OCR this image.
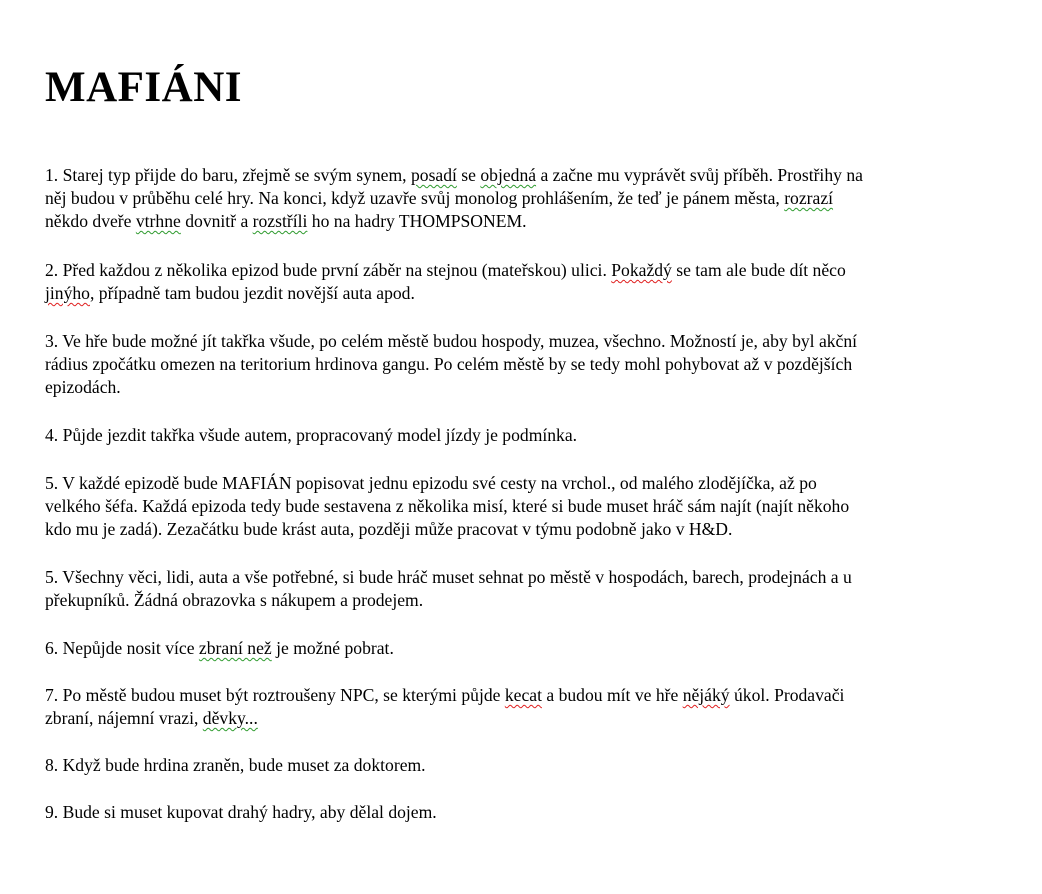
MAFIÁNI

1. Starej typ přijde do baru, zřejmě se svým synem, posadí se objedná a začne mu vyprávět svůj příběh. Prostřihy na
něj budou v průběhu celé hry. Na konci, když uzavře svůj monolog prohlášením, že teď je pánem města, rozrazí
někdo dveře vtrhne dovnitř a rozstříli ho na hadry THOMPSONEM.

2. Před každou z několika epizod bude první záběr na stejnou (mateřskou) ulici. Pokaždý se tam ale bude dít něco
jinýho, případně tam budou jezdit novější auta apod.

3. Ve hře bude možné jít takřka všude, po celém městě budou hospody, muzea, všechno. Možností je, aby byl akční
rádius zpočátku omezen na teritorium hrdinova gangu. Po celém městě by se tedy mohl pohybovat až v pozdějších
epizodách.

4. Půjde jezdit takřka všude autem, propracovaný model jízdy je podmínka.

5. V každé epizodě bude MAFIÁN popisovat jednu epizodu své cesty na vrchol., od malého zlodějíčka, až po
velkého šéfa. Každá epizoda tedy bude sestavena z několika misí, které si bude muset hráč sám najít (najít někoho
kdo mu je zadá). Zezačátku bude krást auta, později může pracovat v týmu podobně jako v H&D.

5. Všechny věci, lidi, auta a vše potřebné, si bude hráč muset sehnat po městě v hospodách, barech, prodejnách a u
překupníků. Žádná obrazovka s nákupem a prodejem.

6. Nepůjde nosit více zbraní než je možné pobrat.

7. Po městě budou muset být roztroušeny NPC, se kterými půjde kecat a budou mít ve hře nějáký úkol. Prodavači
zbraní, nájemní vrazi, děvky...

8. Když bude hrdina zraněn, bude muset za doktorem.

9. Bude si muset kupovat drahý hadry, aby dělal dojem.
